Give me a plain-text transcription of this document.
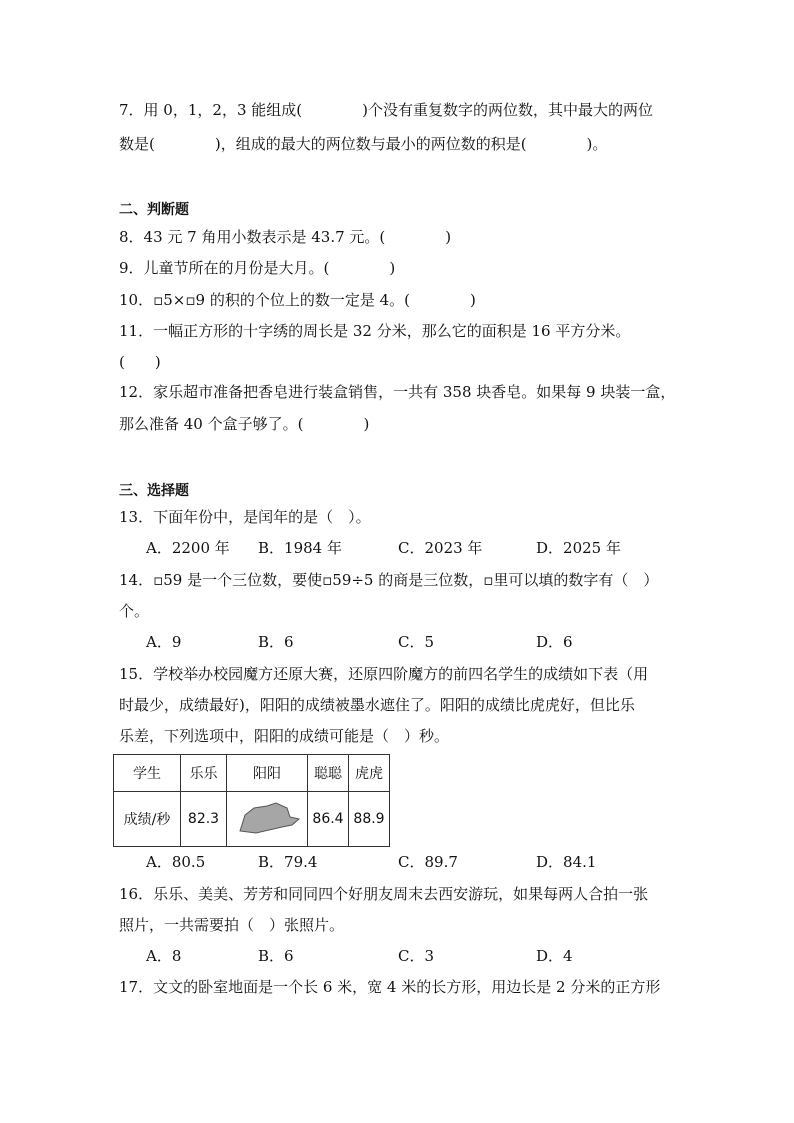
7．用 0，1，2，3 能组成(　　　　)个没有重复数字的两位数，其中最大的两位
数是(　　　　)，组成的最大的两位数与最小的两位数的积是(　　　　)。
二、判断题
8．43 元 7 角用小数表示是 43.7 元。(　　　　)
9．儿童节所在的月份是大月。(　　　　)
10．▫5×▫9 的积的个位上的数一定是 4。(　　　　)
11．一幅正方形的十字绣的周长是 32 分米，那么它的面积是 16 平方分米。
(　　)
12．家乐超市准备把香皂进行装盒销售，一共有 358 块香皂。如果每 9 块装一盒，
那么准备 40 个盒子够了。(　　　　)
三、选择题
13．下面年份中，是闰年的是（　）。
A．2200 年 B．1984 年	C．2023 年	D．2025 年
14．▫59 是一个三位数，要使▫59÷5 的商是三位数，▫里可以填的数字有（　）
个。
A．9	B．6	C．5	D．6
15．学校举办校园魔方还原大赛，还原四阶魔方的前四名学生的成绩如下表（用
时最少，成绩最好)，阳阳的成绩被墨水遮住了。阳阳的成绩比虎虎好，但比乐
乐差，下列选项中，阳阳的成绩可能是（　）秒。
学生	乐乐	阳阳	聪聪	虎虎
成绩/秒	82.3		86.4	88.9
A．80.5	B．79.4	C．89.7	D．84.1
16．乐乐、美美、芳芳和同同四个好朋友周末去西安游玩，如果每两人合拍一张
照片，一共需要拍（　）张照片。
A．8	B．6	C．3	D．4
17．文文的卧室地面是一个长 6 米，宽 4 米的长方形，用边长是 2 分米的正方形
